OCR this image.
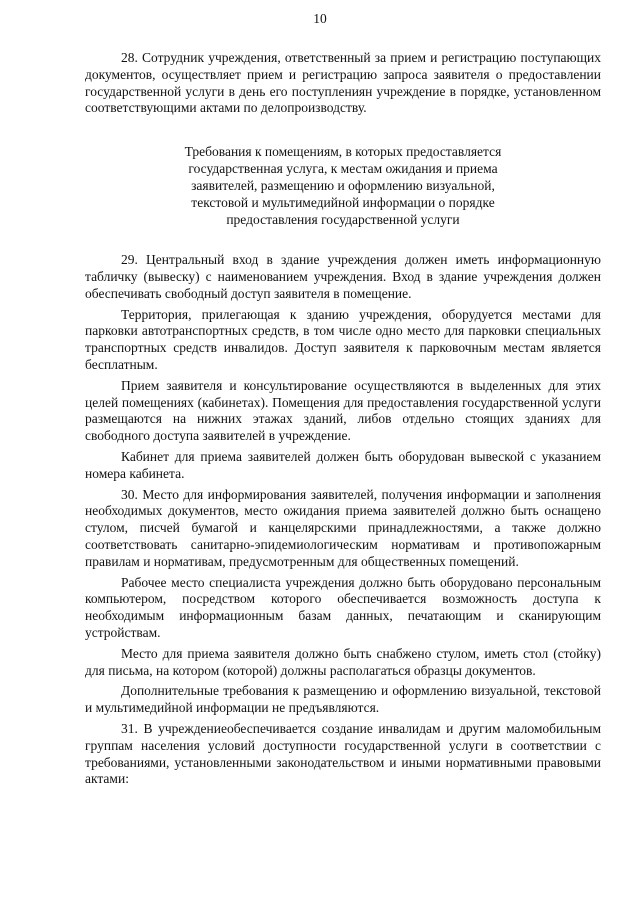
10

28. Сотрудник учреждения, ответственный за прием и регистрацию поступающих документов, осуществляет прием и регистрацию запроса заявителя о предоставлении государственной услуги в день его поступлениян учреждение в порядке, установленном соответствующими актами по делопроизводству.

Требования к помещениям, в которых предоставляется
государственная услуга, к местам ожидания и приема
заявителей, размещению и оформлению визуальной,
текстовой и мультимедийной информации о порядке
предоставления государственной услуги

29. Центральный вход в здание учреждения должен иметь информационную табличку (вывеску) с наименованием учреждения. Вход в здание учреждения должен обеспечивать свободный доступ заявителя в помещение.

Территория, прилегающая к зданию учреждения, оборудуется местами для парковки автотранспортных средств, в том числе одно место для парковки специальных транспортных средств инвалидов. Доступ заявителя к парковочным местам является бесплатным.

Прием заявителя и консультирование осуществляются в выделенных для этих целей помещениях (кабинетах). Помещения для предоставления государственной услуги размещаются на нижних этажах зданий, либов отдельно стоящих зданиях для свободного доступа заявителей в учреждение.

Кабинет для приема заявителей должен быть оборудован вывеской с указанием номера кабинета.

30. Место для информирования заявителей, получения информации и заполнения необходимых документов, место ожидания приема заявителей должно быть оснащено стулом, писчей бумагой и канцелярскими принадлежностями, а также должно соответствовать санитарно-эпидемиологическим нормативам и противопожарным правилам и нормативам, предусмотренным для общественных помещений.

Рабочее место специалиста учреждения должно быть оборудовано персональным компьютером, посредством которого обеспечивается возможность доступа к необходимым информационным базам данных, печатающим и сканирующим устройствам.

Место для приема заявителя должно быть снабжено стулом, иметь стол (стойку) для письма, на котором (которой) должны располагаться образцы документов.

Дополнительные требования к размещению и оформлению визуальной, текстовой и мультимедийной информации не предъявляются.

31. В учреждениеобеспечивается создание инвалидам и другим маломобильным группам населения условий доступности государственной услуги в соответствии с требованиями, установленными законодательством и иными нормативными правовыми актами:
